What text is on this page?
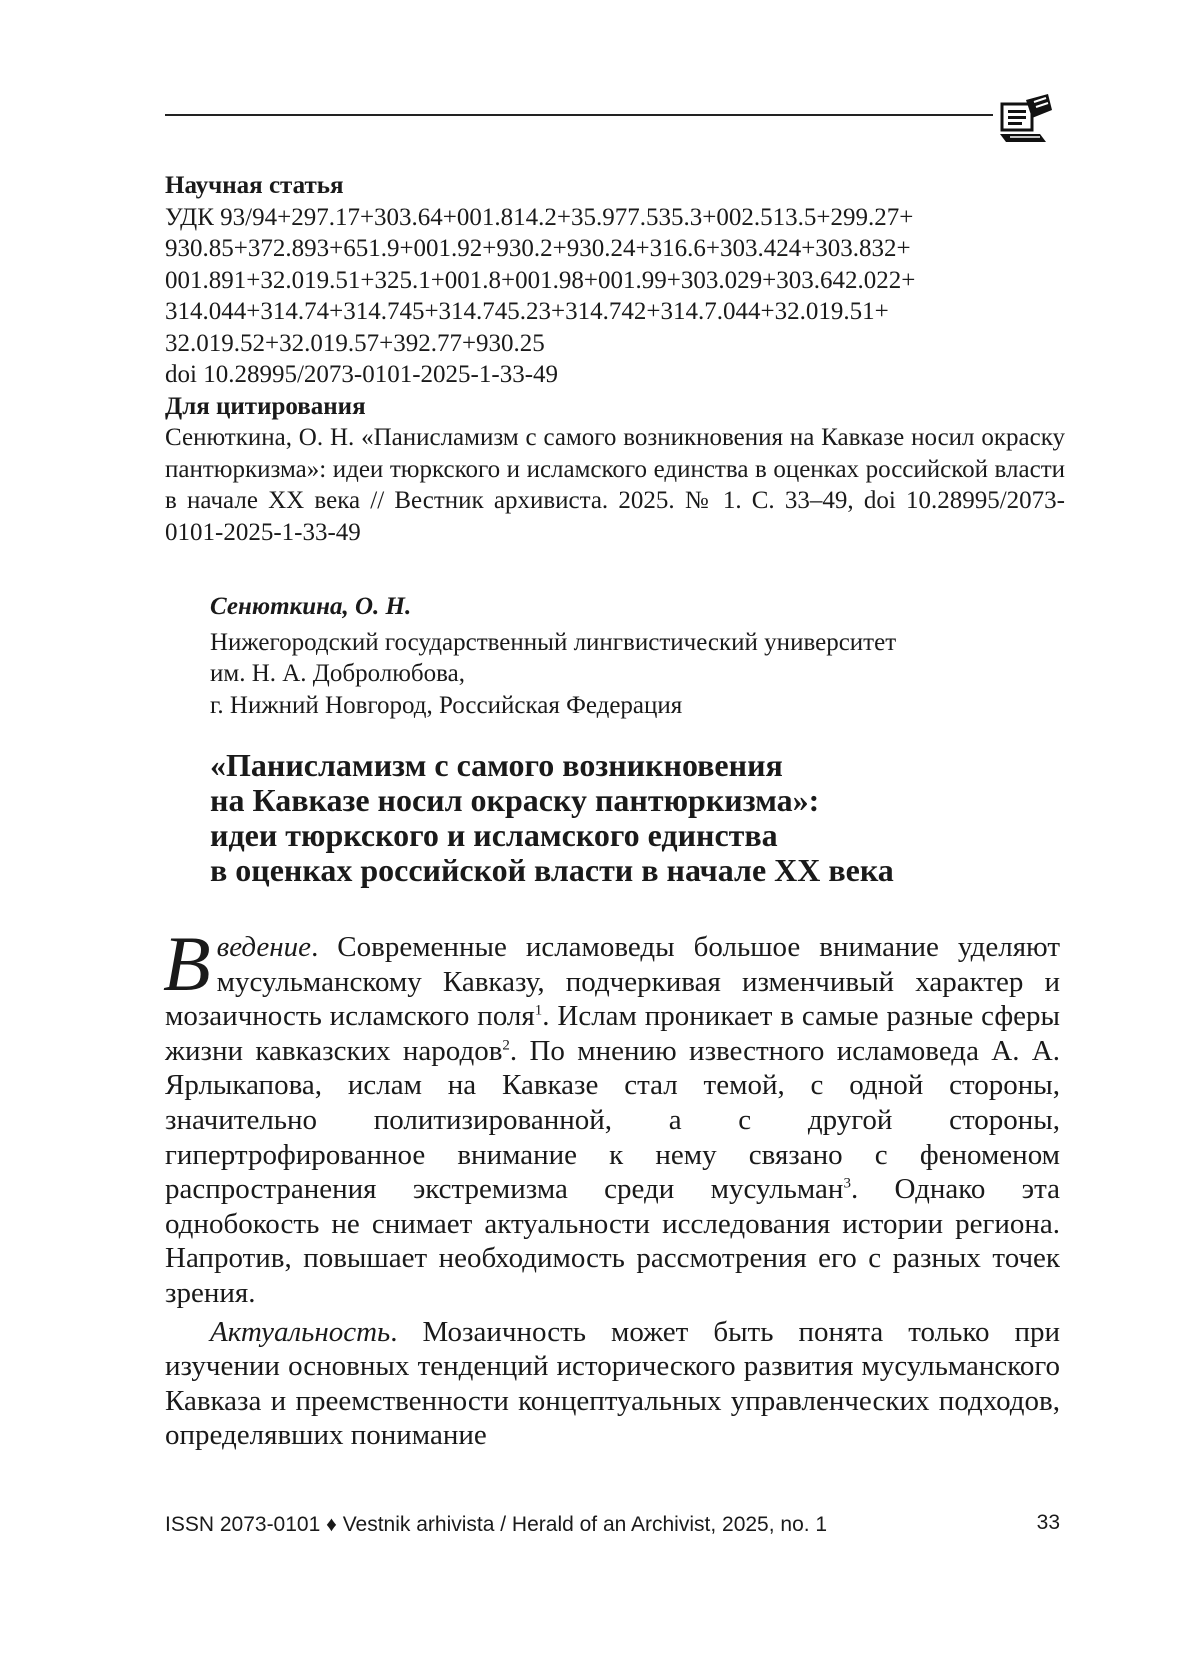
Научная статья
УДК 93/94+297.17+303.64+001.814.2+35.977.535.3+002.513.5+299.27+
930.85+372.893+651.9+001.92+930.2+930.24+316.6+303.424+303.832+
001.891+32.019.51+325.1+001.8+001.98+001.99+303.029+303.642.022+
314.044+314.74+314.745+314.745.23+314.742+314.7.044+32.019.51+
32.019.52+32.019.57+392.77+930.25
doi 10.28995/2073-0101-2025-1-33-49
Для цитирования
Сенюткина, О. Н. «Панисламизм с самого возникновения на Кавказе носил окраску пантюркизма»: идеи тюркского и исламского единства в оценках российской власти в начале XX века // Вестник архивиста. 2025. № 1. С. 33–49, doi 10.28995/2073-0101-2025-1-33-49
Сенюткина, О. Н.
Нижегородский государственный лингвистический университет
им. Н. А. Добролюбова,
г. Нижний Новгород, Российская Федерация
«Панисламизм с самого возникновения
на Кавказе носил окраску пантюркизма»:
идеи тюркского и исламского единства
в оценках российской власти в начале XX века

Введение. Современные исламоведы большое внимание уделяют мусульманскому Кавказу, подчеркивая изменчивый характер и мозаичность исламского поля$^1$. Ислам проникает в самые разные сферы жизни кавказских народов$^2$. По мнению известного исламоведа А. А. Ярлыкапова, ислам на Кавказе стал темой, с одной стороны, значительно политизированной, а с другой стороны, гипертрофированное внимание к нему связано с феноменом распространения экстремизма среди мусульман$^3$. Однако эта однобокость не снимает актуальности исследования истории региона. Напротив, повышает необходимость рассмотрения его с разных точек зрения.

Актуальность. Мозаичность может быть понята только при изучении основных тенденций исторического развития мусульманского Кавказа и преемственности концептуальных управленческих подходов, определявших понимание

ISSN 2073-0101 ♦ Vestnik arhivista / Herald of an Archivist, 2025, no. 1	33
